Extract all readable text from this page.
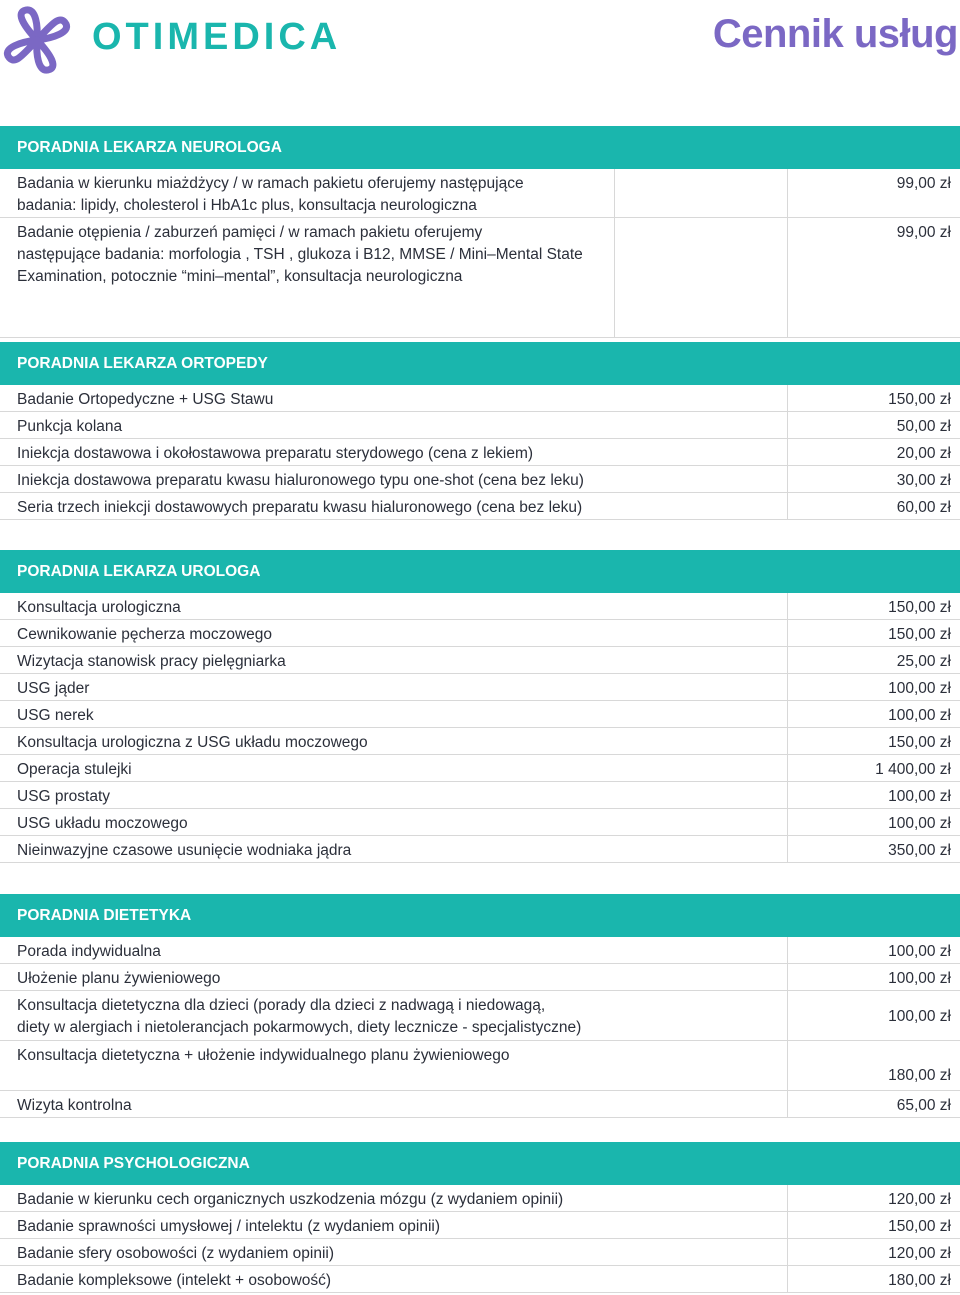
OTIMEDICA	Cennik usług
PORADNIA LEKARZA NEUROLOGA
Badania w kierunku miażdżycy / w ramach pakietu oferujemy następujące
badania: lipidy, cholesterol i HbA1c plus, konsultacja neurologiczna
99,00 zł
Badanie otępienia / zaburzeń pamięci / w ramach pakietu oferujemy
następujące badania: morfologia , TSH , glukoza i B12, MMSE / Mini–Mental State
Examination, potocznie “mini–mental”, konsultacja neurologiczna
99,00 zł
PORADNIA LEKARZA ORTOPEDY
Badanie Ortopedyczne + USG Stawu	150,00 zł
Punkcja kolana	50,00 zł
Iniekcja dostawowa i okołostawowa preparatu sterydowego (cena z lekiem)	20,00 zł
Iniekcja dostawowa preparatu kwasu hialuronowego typu one-shot (cena bez leku)	30,00 zł
Seria trzech iniekcji dostawowych preparatu kwasu hialuronowego (cena bez leku)	60,00 zł
PORADNIA LEKARZA UROLOGA
Konsultacja urologiczna	150,00 zł
Cewnikowanie pęcherza moczowego	150,00 zł
Wizytacja stanowisk pracy pielęgniarka	25,00 zł
USG jąder	100,00 zł
USG nerek	100,00 zł
Konsultacja urologiczna z USG układu moczowego	150,00 zł
Operacja stulejki	1 400,00 zł
USG prostaty	100,00 zł
USG układu moczowego	100,00 zł
Nieinwazyjne czasowe usunięcie wodniaka jądra	350,00 zł
PORADNIA DIETETYKA
Porada indywidualna	100,00 zł
Ułożenie planu żywieniowego	100,00 zł
Konsultacja dietetyczna dla dzieci (porady dla dzieci z nadwagą i niedowagą,
diety w alergiach i nietolerancjach pokarmowych, diety lecznicze - specjalistyczne)
100,00 zł
Konsultacja dietetyczna + ułożenie indywidualnego planu żywieniowego
180,00 zł
Wizyta kontrolna	65,00 zł
PORADNIA PSYCHOLOGICZNA
Badanie w kierunku cech organicznych uszkodzenia mózgu (z wydaniem opinii)	120,00 zł
Badanie sprawności umysłowej / intelektu (z wydaniem opinii)	150,00 zł
Badanie sfery osobowości (z wydaniem opinii)	120,00 zł
Badanie kompleksowe (intelekt + osobowość)	180,00 zł
